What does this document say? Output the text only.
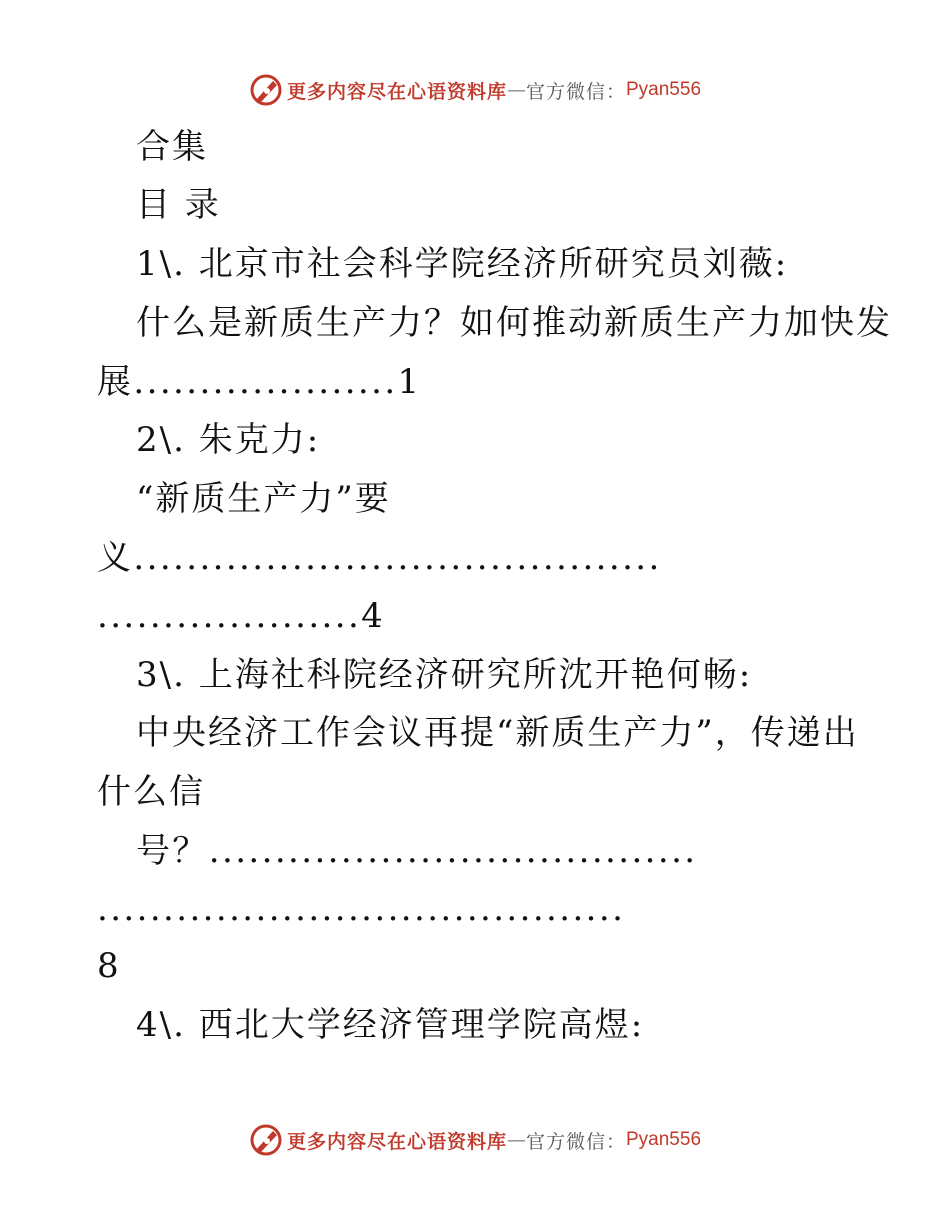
更多内容尽在心语资料库 — 官方微信： Pyan556
合集
目 录
1\. 北京市社会科学院经济所研究员刘薇:
什么是新质生产力？如何推动新质生产力加快发
展....................1
2\. 朱克力:
“新质生产力”要
义........................................
....................4
3\. 上海社科院经济研究所沈开艳何畅:
中央经济工作会议再提“新质生产力”，传递出
什么信
号？.....................................
........................................
8
4\. 西北大学经济管理学院高煜:
更多内容尽在心语资料库 — 官方微信： Pyan556
